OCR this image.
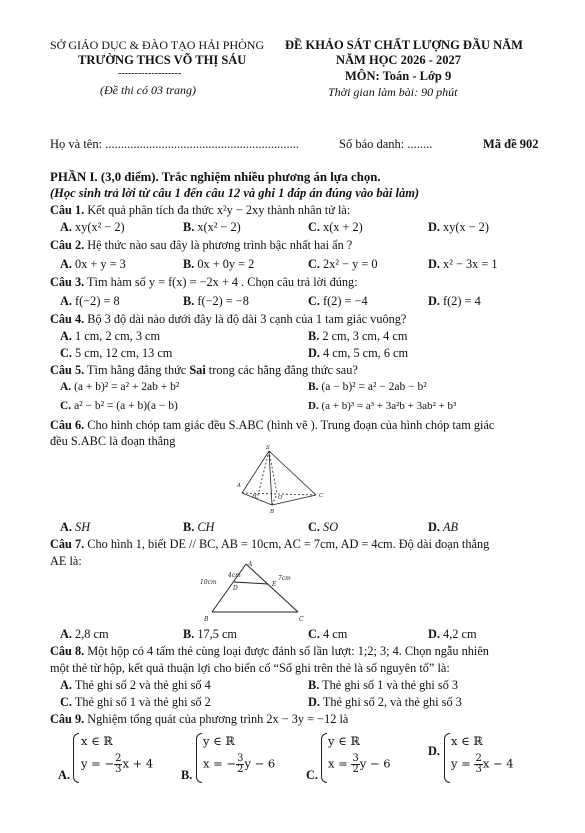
SỞ GIÁO DỤC & ĐÀO TẠO HẢI PHÒNG
TRƯỜNG THCS VÕ THỊ SÁU
-------------------
(Đề thi có 03 trang)
ĐỀ KHẢO SÁT CHẤT LƯỢNG ĐẦU NĂM
NĂM HỌC 2026 - 2027
MÔN: Toán - Lớp 9
Thời gian làm bài: 90 phút
Họ và tên: ..............................................................	Số báo danh: ........	Mã đề 902
PHẦN I. (3,0 điểm). Trắc nghiệm nhiều phương án lựa chọn.
(Học sinh trả lời từ câu 1 đến câu 12 và ghi 1 đáp án đúng vào bài làm)
Câu 1. Kết quả phân tích đa thức x²y − 2xy thành nhân tử là:
A. xy(x² − 2)	B. x(x² − 2)	C. x(x + 2)	D. xy(x − 2)
Câu 2. Hệ thức nào sau đây là phương trình bậc nhất hai ẩn ?
A. 0x + y = 3	B. 0x + 0y = 2	C. 2x² − y = 0	D. x² − 3x = 1
Câu 3. Tìm hàm số y = f(x) = −2x + 4 . Chọn câu trả lời đúng:
A. f(−2) = 8	B. f(−2) = −8	C. f(2) = −4	D. f(2) = 4
Câu 4. Bộ 3 độ dài nào dưới đây là độ dài 3 cạnh của 1 tam giác vuông?
A. 1 cm, 2 cm, 3 cm	B. 2 cm, 3 cm, 4 cm
C. 5 cm, 12 cm, 13 cm	D. 4 cm, 5 cm, 6 cm
Câu 5. Tìm hằng đẳng thức Sai trong các hằng đẳng thức sau?
A. (a + b)² = a² + 2ab + b²	B. (a − b)² = a² − 2ab − b²
C. a² − b² = (a + b)(a − b)	D. (a + b)³ = a³ + 3a²b + 3ab² + b³
Câu 6. Cho hình chóp tam giác đều S.ABC (hình vẽ ). Trung đoạn của hình chóp tam giác
đều S.ABC là đoạn thẳng	S
A
H	O
B
C
A. SH	B. CH	C. SO	D. AB
Câu 7. Cho hình 1, biết DE // BC, AB = 10cm, AC = 7cm, AD = 4cm. Độ dài đoạn thẳng
AE là:	A
D
E
B	C
10cm
4cm	7cm
A. 2,8 cm	B. 17,5 cm	C. 4 cm	D. 4,2 cm
Câu 8. Một hộp có 4 tấm thẻ cùng loại được đánh số lần lượt: 1;2; 3; 4. Chọn ngẫu nhiên
một thẻ từ hộp, kết quả thuận lợi cho biến cố “Số ghi trên thẻ là số nguyên tố” là:
A. Thẻ ghi số 2 và thẻ ghi số 4	B. Thẻ ghi số 1 và thẻ ghi số 3
C. Thẻ ghi số 1 và thẻ ghi số 2	D. Thẻ ghi số 2, và thẻ ghi số 3
Câu 9. Nghiệm tổng quát của phương trình 2x − 3y = −12 là
A.
x ∈ ℝ
y = − $\frac{2}{3}$ x + 4
B.
y ∈ ℝ
x = − $\frac{3}{2}$ y − 6
C.
y ∈ ℝ
$x = \frac{3}{2}$ y − 6
D.
x ∈ ℝ
$y = \frac{2}{3}$ x − 4
